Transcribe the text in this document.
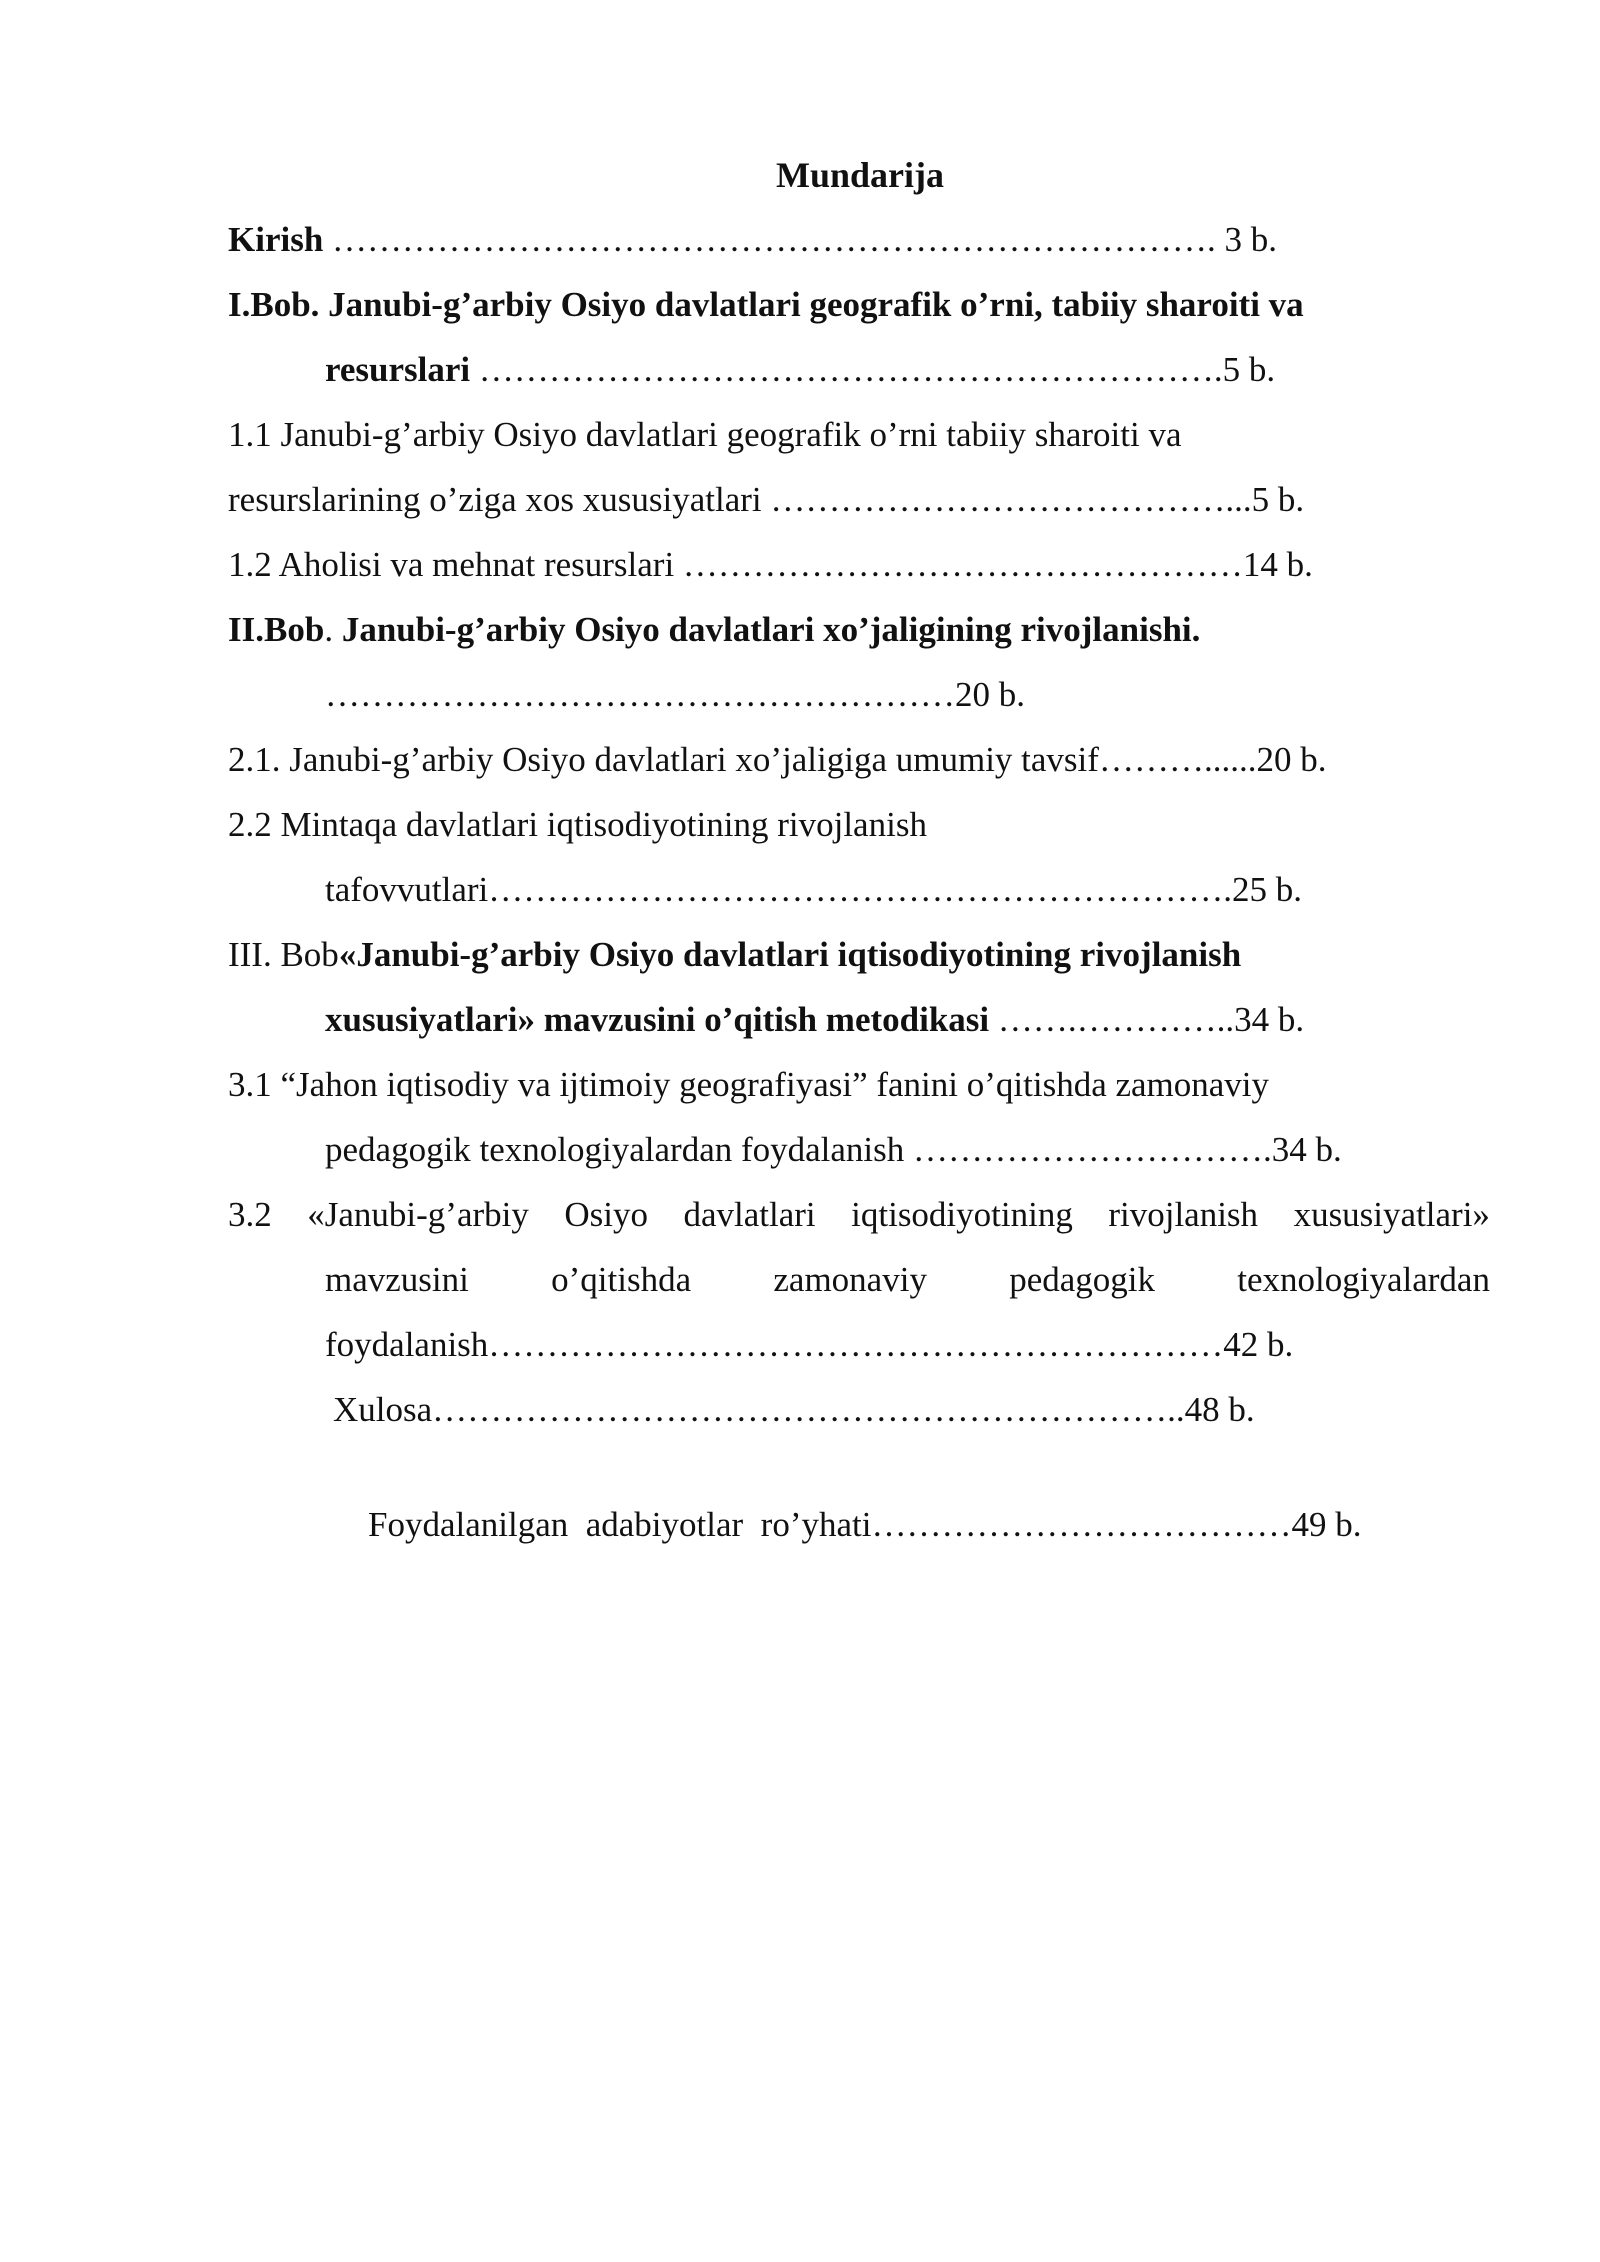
Mundarija
Kirish …………………………………………………………………. 3 b.
I.Bob. Janubi-g’arbiy Osiyo davlatlari geografik o’rni, tabiiy sharoiti va
resurslari ……………………………………………………….5 b.
1.1 Janubi-g’arbiy Osiyo davlatlari geografik o’rni tabiiy sharoiti va
resurslarining o’ziga xos xususiyatlari …………………………………...5 b.
1.2 Aholisi va mehnat resurslari …………………………………………14 b.
II.Bob. Janubi-g’arbiy Osiyo davlatlari xo’jaligining rivojlanishi.
………………………………………………20 b.
2.1. Janubi-g’arbiy Osiyo davlatlari xo’jaligiga umumiy tavsif………......20 b.
2.2 Mintaqa davlatlari iqtisodiyotining rivojlanish
tafovvutlari……………………………………………………….25 b.
III. Bob«Janubi-g’arbiy Osiyo davlatlari iqtisodiyotining rivojlanish
xususiyatlari» mavzusini o’qitish metodikasi …….…………..34 b.
3.1 “Jahon iqtisodiy va ijtimoiy geografiyasi” fanini o’qitishda zamonaviy
pedagogik texnologiyalardan foydalanish ………………………….34 b.
3.2 «Janubi-g’arbiy Osiyo davlatlari iqtisodiyotining rivojlanish xususiyatlari»
mavzusini o’qitishda zamonaviy pedagogik texnologiyalardan
foydalanish………………………………………………………42 b.
Xulosa………………………………………………………..48 b.

Foydalanilgan  adabiyotlar  ro’yhati………………………………49 b.
